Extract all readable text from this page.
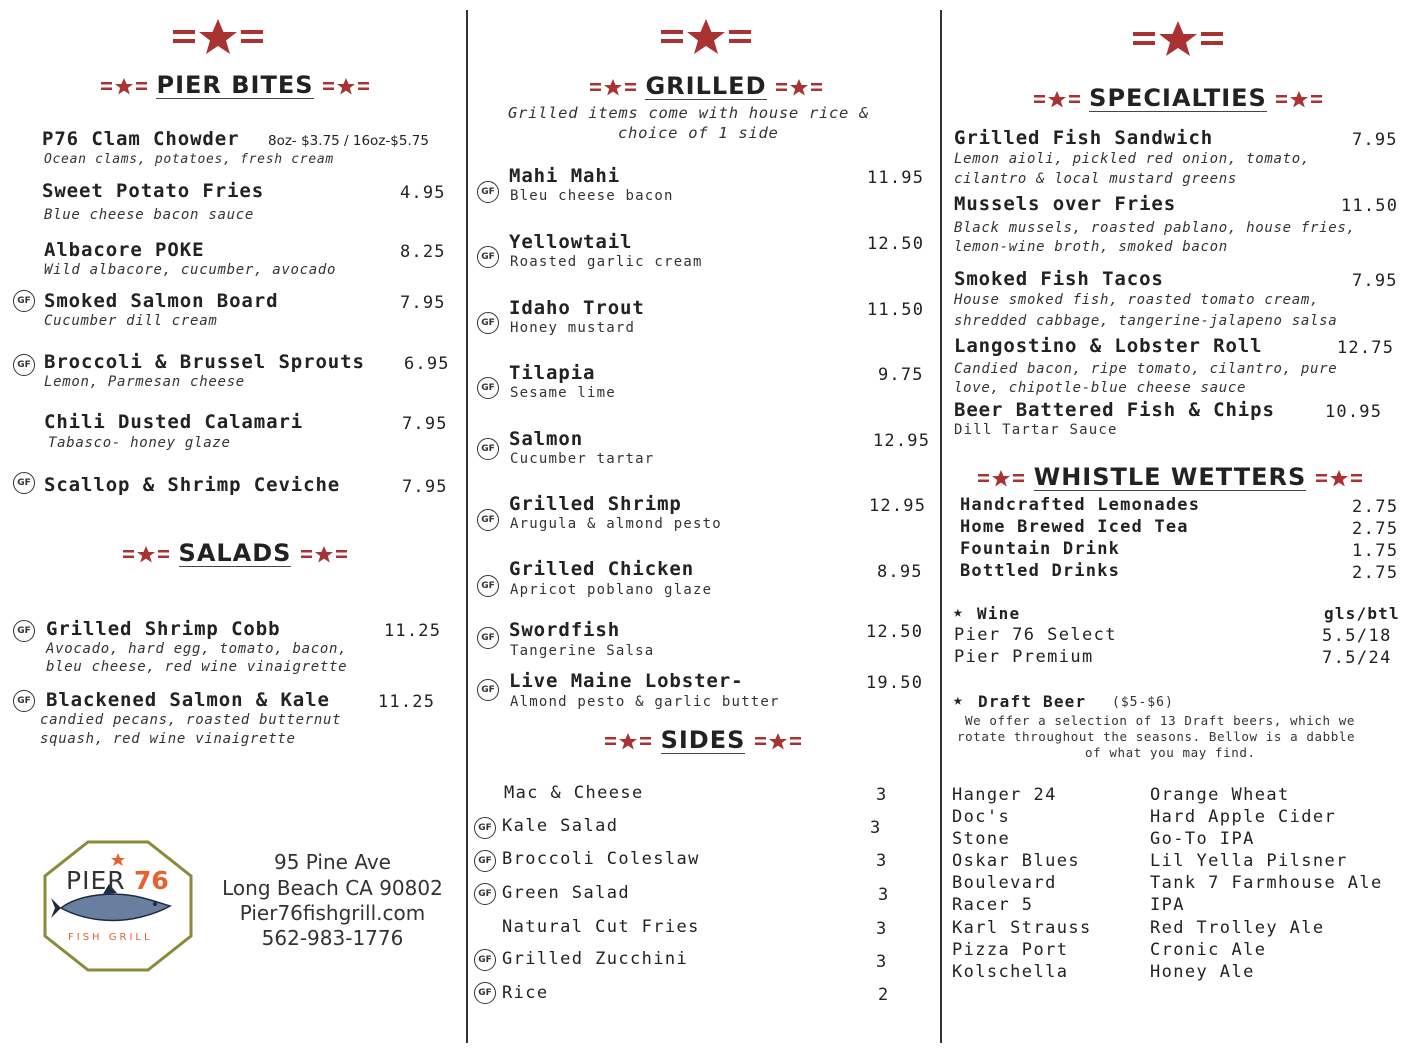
PIER BITES
SALADS
GRILLED
SIDES
SPECIALTIES
WHISTLE WETTERS
P76 Clam Chowder 8oz- $3.75 / 16oz-$5.75
Ocean clams, potatoes, fresh cream
Sweet Potato Fries	4.95
Blue cheese bacon sauce
Albacore POKE	8.25
Wild albacore, cucumber, avocado
GF Smoked Salmon Board	7.95
Cucumber dill cream
GF Broccoli & Brussel Sprouts 6.95
Lemon, Parmesan cheese
Chili Dusted Calamari	7.95
Tabasco- honey glaze
GF Scallop & Shrimp Ceviche	7.95
GF Grilled Shrimp Cobb	11.25
Avocado, hard egg, tomato, bacon,
bleu cheese, red wine vinaigrette
GF Blackened Salmon & Kale	11.25
candied pecans, roasted butternut
squash, red wine vinaigrette
PIER 76
FISH GRILL
95 Pine Ave
Long Beach CA 90802
Pier76fishgrill.com
562-983-1776
Grilled items come with house rice &
choice of 1 side
GF
Mahi Mahi	11.95
Bleu cheese bacon
GF
Yellowtail	12.50
Roasted garlic cream
GF
Idaho Trout	11.50
Honey mustard
GF
Tilapia	9.75
Sesame lime
GF Salmon	12.95
Cucumber tartar
GF
Grilled Shrimp	12.95
Arugula & almond pesto
GF
Grilled Chicken	8.95
Apricot poblano glaze
GF Swordfish	12.50
Tangerine Salsa
GF Live Maine Lobster-	19.50
Almond pesto & garlic butter
Mac & Cheese	3
GF Kale Salad	3
GF Broccoli Coleslaw	3
GF Green Salad	3
Natural Cut Fries	3
GF Grilled Zucchini	3
GF Rice	2
Grilled Fish Sandwich	7.95
Lemon aioli, pickled red onion, tomato,
cilantro & local mustard greens
Mussels over Fries	11.50
Black mussels, roasted pablano, house fries,
lemon-wine broth, smoked bacon
Smoked Fish Tacos	7.95
House smoked fish, roasted tomato cream,
shredded cabbage, tangerine-jalapeno salsa
Langostino & Lobster Roll	12.75
Candied bacon, ripe tomato, cilantro, pure
love, chipotle-blue cheese sauce
Beer Battered Fish & Chips	10.95
Dill Tartar Sauce
Handcrafted Lemonades	2.75
Home Brewed Iced Tea	2.75
Fountain Drink	1.75
Bottled Drinks	2.75
★ Wine	gls/btl
Pier 76 Select	5.5/18
Pier Premium	7.5/24
★ Draft Beer ($5-$6)
We offer a selection of 13 Draft beers, which we
rotate throughout the seasons. Bellow is a dabble
of what you may find.
Hanger 24
Doc's
Stone
Oskar Blues
Boulevard
Racer 5
Karl Strauss
Pizza Port
Kolschella
Orange Wheat
Hard Apple Cider
Go-To IPA
Lil Yella Pilsner
Tank 7 Farmhouse Ale
IPA
Red Trolley Ale
Cronic Ale
Honey Ale
